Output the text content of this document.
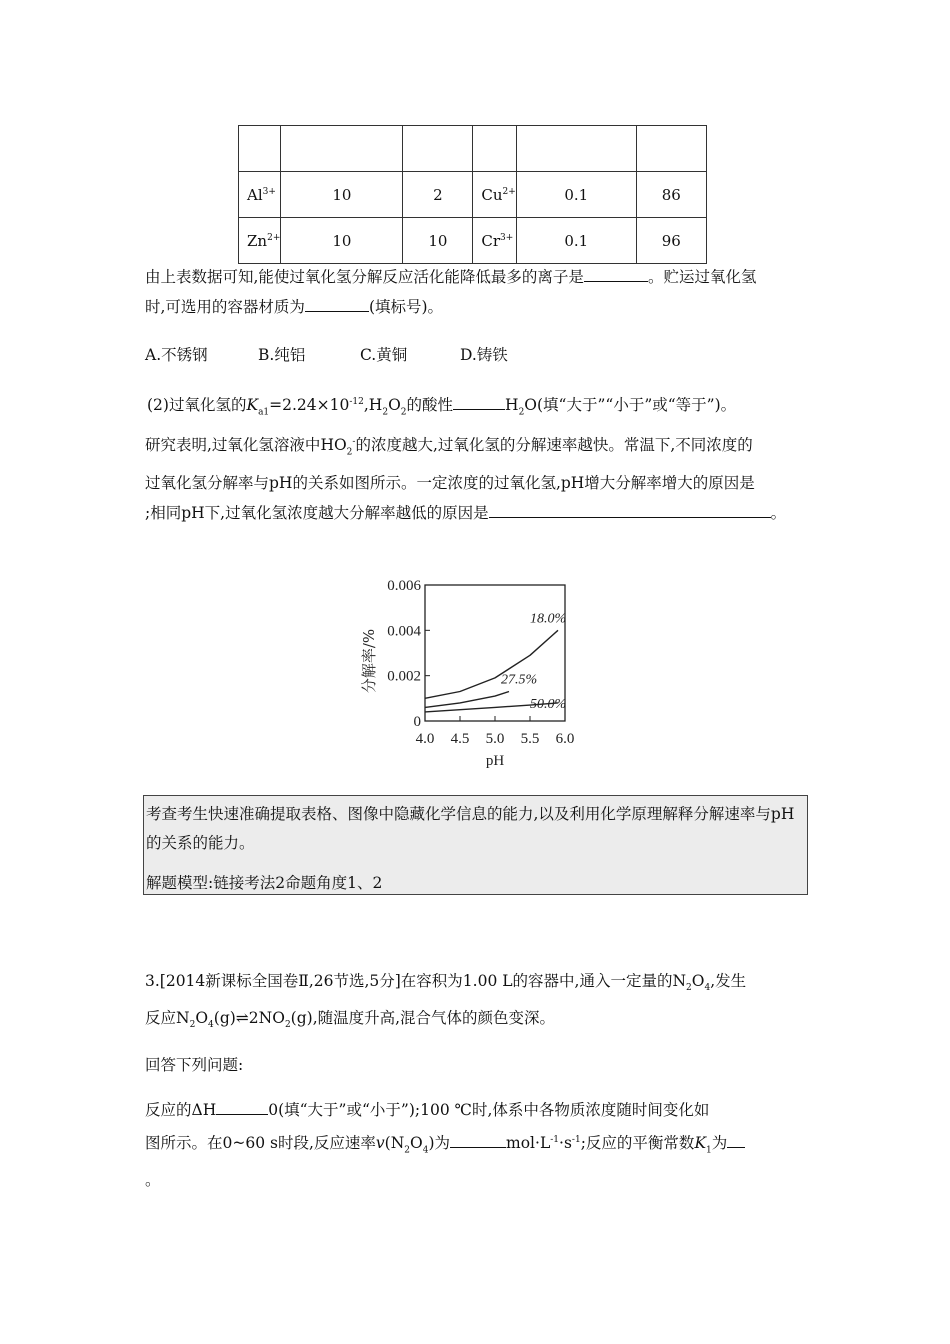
$Al^{3+}$	10	2	$Cu^{2+}$	0.1	86
$Zn^{2+}$	10	10	$Cr^{3+}$	0.1	96
由上表数据可知,能使过氧化氢分解反应活化能降低最多的离子是	。贮运过氧化氢
时,可选用的容器材质为	(填标号)。
A.不锈钢	B.纯铝	C.黄铜	D.铸铁
(2)过氧化氢的$K_{a1}=2.24\times 10^{-12},H_2O_2$的酸性	$H_2O$(填“大于”“小于”或“等于”)。
研究表明,过氧化氢溶液中$HO_2^-$的浓度越大,过氧化氢的分解速率越快。常温下,不同浓度的
过氧化氢分解率与pH的关系如图所示。一定浓度的过氧化氢,pH增大分解率增大的原因是
;相同pH下,过氧化氢浓度越大分解率越低的原因是	。
0
0.002
0.004
0.006
4.0 4.5 5.0 5.5 6.0
pH
分解率/%
18.0%
27.5%
50.0%
考查考生快速准确提取表格、图像中隐藏化学信息的能力,以及利用化学原理解释分解速率与pH的关系的能力。
解题模型:链接考法2命题角度1、2
3.[2014新课标全国卷Ⅱ,26节选,5分]在容积为1.00 L的容器中,通入一定量的$N_2O_4$,发生
反应$N_2O_4(g)\rightleftharpoons 2NO_2(g)$,随温度升高,混合气体的颜色变深。
回答下列问题:
反应的ΔH	0(填“大于”或“小于”);100 ℃时,体系中各物质浓度随时间变化如
图所示。在0~60 s时段,反应速率$v(N_2O_4)$为	$mol\cdot L^{-1}\cdot s^{-1}$;反应的平衡常数$K_1$为
。
